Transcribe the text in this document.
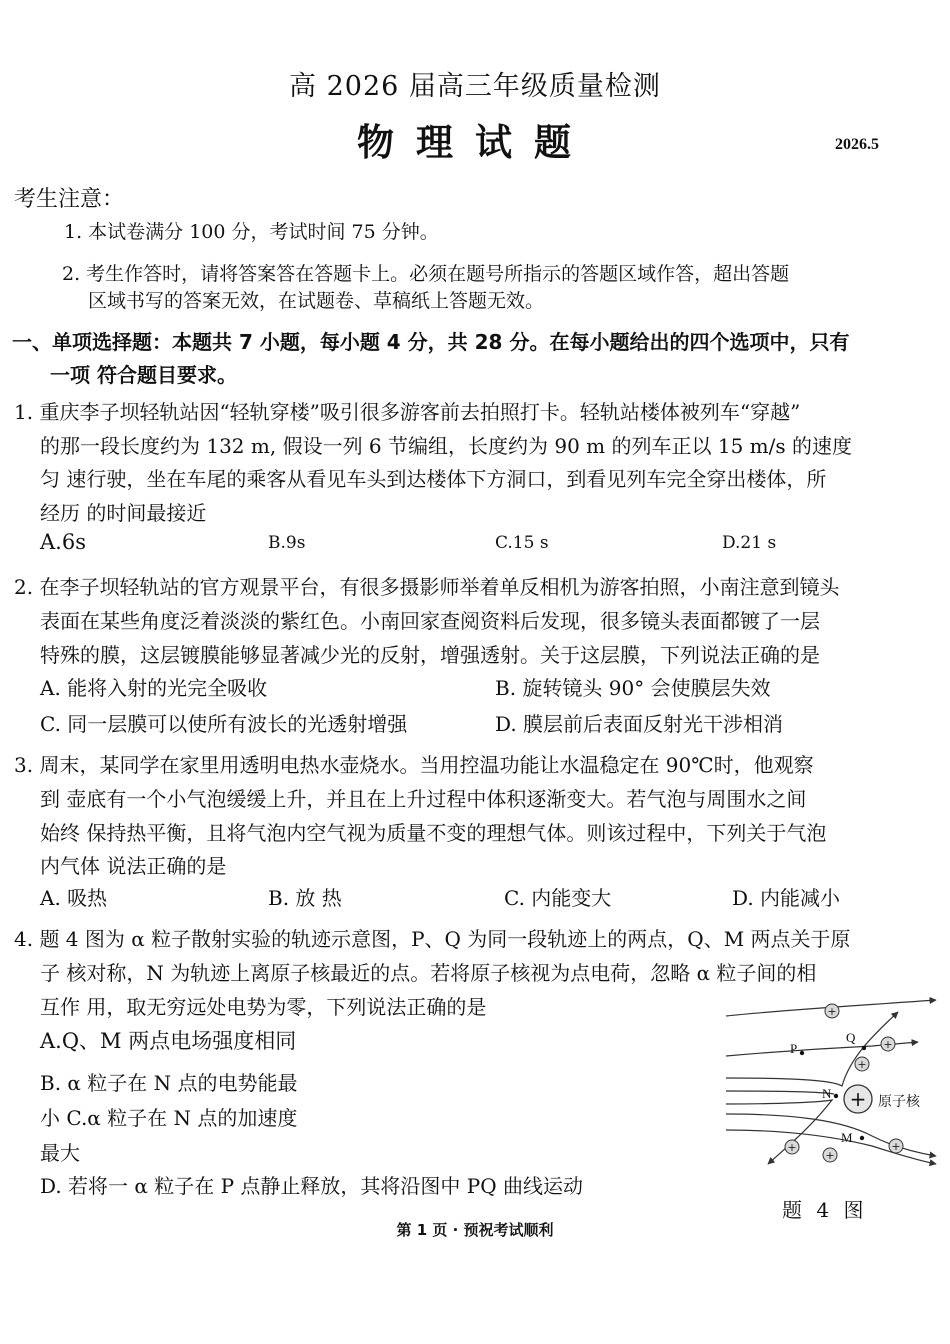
高 2026 届高三年级质量检测
物理试题	2026.5
考生注意：
1. 本试卷满分 100 分，考试时间 75 分钟。
2. 考生作答时，请将答案答在答题卡上。必须在题号所指示的答题区域作答，超出答题
区域书写的答案无效，在试题卷、草稿纸上答题无效。
一、单项选择题：本题共 7 小题，每小题 4 分，共 28 分。在每小题给出的四个选项中，只有
一项 符合题目要求。
1. 重庆李子坝轻轨站因“轻轨穿楼”吸引很多游客前去拍照打卡。轻轨站楼体被列车“穿越”
的那一段长度约为 132 m, 假设一列 6 节编组，长度约为 90 m 的列车正以 15 m/s 的速度
匀 速行驶，坐在车尾的乘客从看见车头到达楼体下方洞口，到看见列车完全穿出楼体，所
经历 的时间最接近
A.6s	B.9s	C.15 s	D.21 s
2. 在李子坝轻轨站的官方观景平台，有很多摄影师举着单反相机为游客拍照，小南注意到镜头
表面在某些角度泛着淡淡的紫红色。小南回家查阅资料后发现，很多镜头表面都镀了一层
特殊的膜，这层镀膜能够显著减少光的反射，增强透射。关于这层膜，下列说法正确的是
A. 能将入射的光完全吸收	B. 旋转镜头 90° 会使膜层失效
C. 同一层膜可以使所有波长的光透射增强	D. 膜层前后表面反射光干涉相消
3. 周末，某同学在家里用透明电热水壶烧水。当用控温功能让水温稳定在 90℃时，他观察
到 壶底有一个小气泡缓缓上升，并且在上升过程中体积逐渐变大。若气泡与周围水之间
始终 保持热平衡，且将气泡内空气视为质量不变的理想气体。则该过程中，下列关于气泡
内气体 说法正确的是
A. 吸热	B. 放 热	C. 内能变大	D. 内能减小
4. 题 4 图为 α 粒子散射实验的轨迹示意图，P、Q 为同一段轨迹上的两点，Q、M 两点关于原
子 核对称，N 为轨迹上离原子核最近的点。若将原子核视为点电荷，忽略 α 粒子间的相
互作 用，取无穷远处电势为零，下列说法正确的是
A.Q、M 两点电场强度相同
B. α 粒子在 N 点的电势能最
小 C.α 粒子在 N 点的加速度
最大
D. 若将一 α 粒子在 P 点静止释放，其将沿图中 PQ 曲线运动
+
+
+
+
+
+
+
P
Q
N
M
原子核
题 4 图
第 1 页 · 预祝考试顺利
